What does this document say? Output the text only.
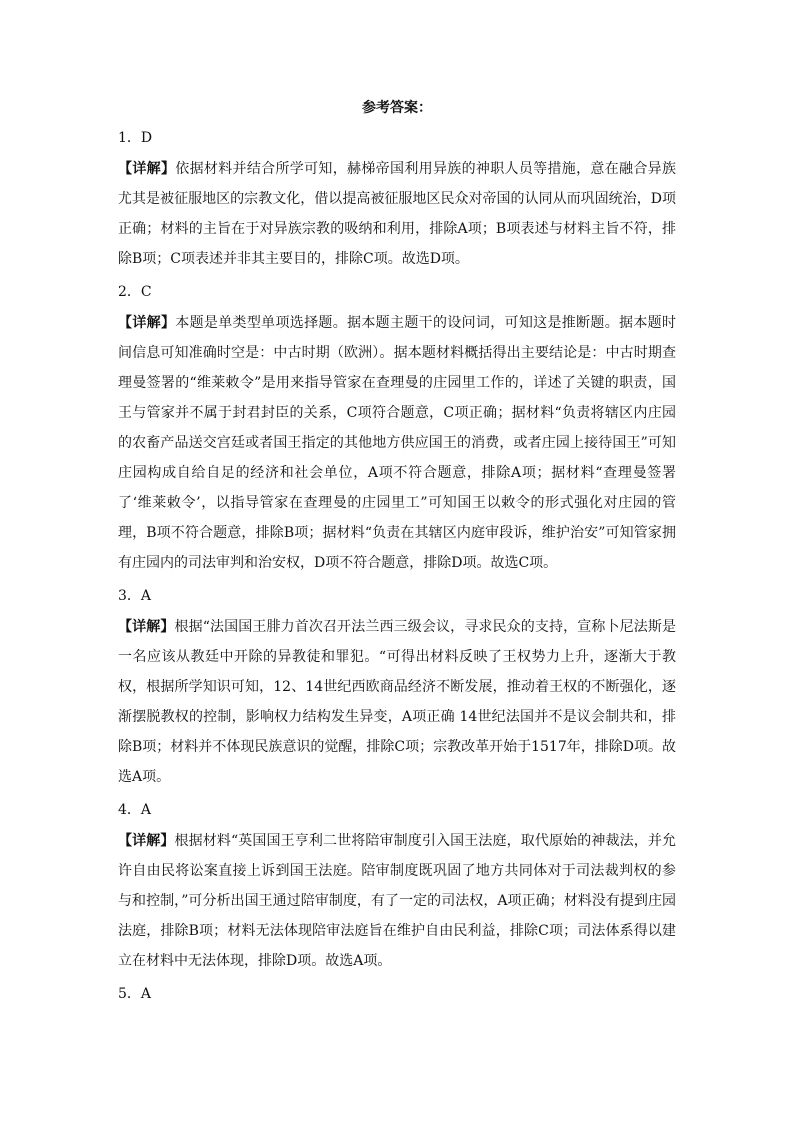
参考答案：
1．D

【详解】依据材料并结合所学可知，赫梯帝国利用异族的神职人员等措施，意在融合异族尤其是被征服地区的宗教文化，借以提高被征服地区民众对帝国的认同从而巩固统治，D项正确；材料的主旨在于对异族宗教的吸纳和利用，排除A项；B项表述与材料主旨不符，排除B项；C项表述并非其主要目的，排除C项。故选D项。

2．C

【详解】本题是单类型单项选择题。据本题主题干的设问词，可知这是推断题。据本题时间信息可知准确时空是：中古时期（欧洲）。据本题材料概括得出主要结论是：中古时期查理曼签署的“维莱敕令”是用来指导管家在查理曼的庄园里工作的，详述了关键的职责，国王与管家并不属于封君封臣的关系，C项符合题意，C项正确；据材料“负责将辖区内庄园的农畜产品送交宫廷或者国王指定的其他地方供应国王的消费，或者庄园上接待国王”可知庄园构成自给自足的经济和社会单位，A项不符合题意，排除A项；据材料“查理曼签署了‘维莱敕令’，以指导管家在查理曼的庄园里工”可知国王以敕令的形式强化对庄园的管理，B项不符合题意，排除B项；据材料“负责在其辖区内庭审段诉，维护治安”可知管家拥有庄园内的司法审判和治安权，D项不符合题意，排除D项。故选C项。

3．A

【详解】根据“法国国王腓力首次召开法兰西三级会议，寻求民众的支持，宣称卜尼法斯是一名应该从教廷中开除的异教徒和罪犯。“可得出材料反映了王权势力上升，逐渐大于教权，根据所学知识可知，12、14世纪西欧商品经济不断发展，推动着王权的不断强化，逐渐摆脱教权的控制，影响权力结构发生异变，A项正确 14世纪法国并不是议会制共和，排除B项；材料并不体现民族意识的觉醒，排除C项；宗教改革开始于1517年，排除D项。故选A项。

4．A

【详解】根据材料“英国国王亨利二世将陪审制度引入国王法庭，取代原始的神裁法，并允许自由民将讼案直接上诉到国王法庭。陪审制度既巩固了地方共同体对于司法裁判权的参与和控制，”可分析出国王通过陪审制度，有了一定的司法权，A项正确；材料没有提到庄园法庭，排除B项；材料无法体现陪审法庭旨在维护自由民利益，排除C项；司法体系得以建立在材料中无法体现，排除D项。故选A项。

5．A
